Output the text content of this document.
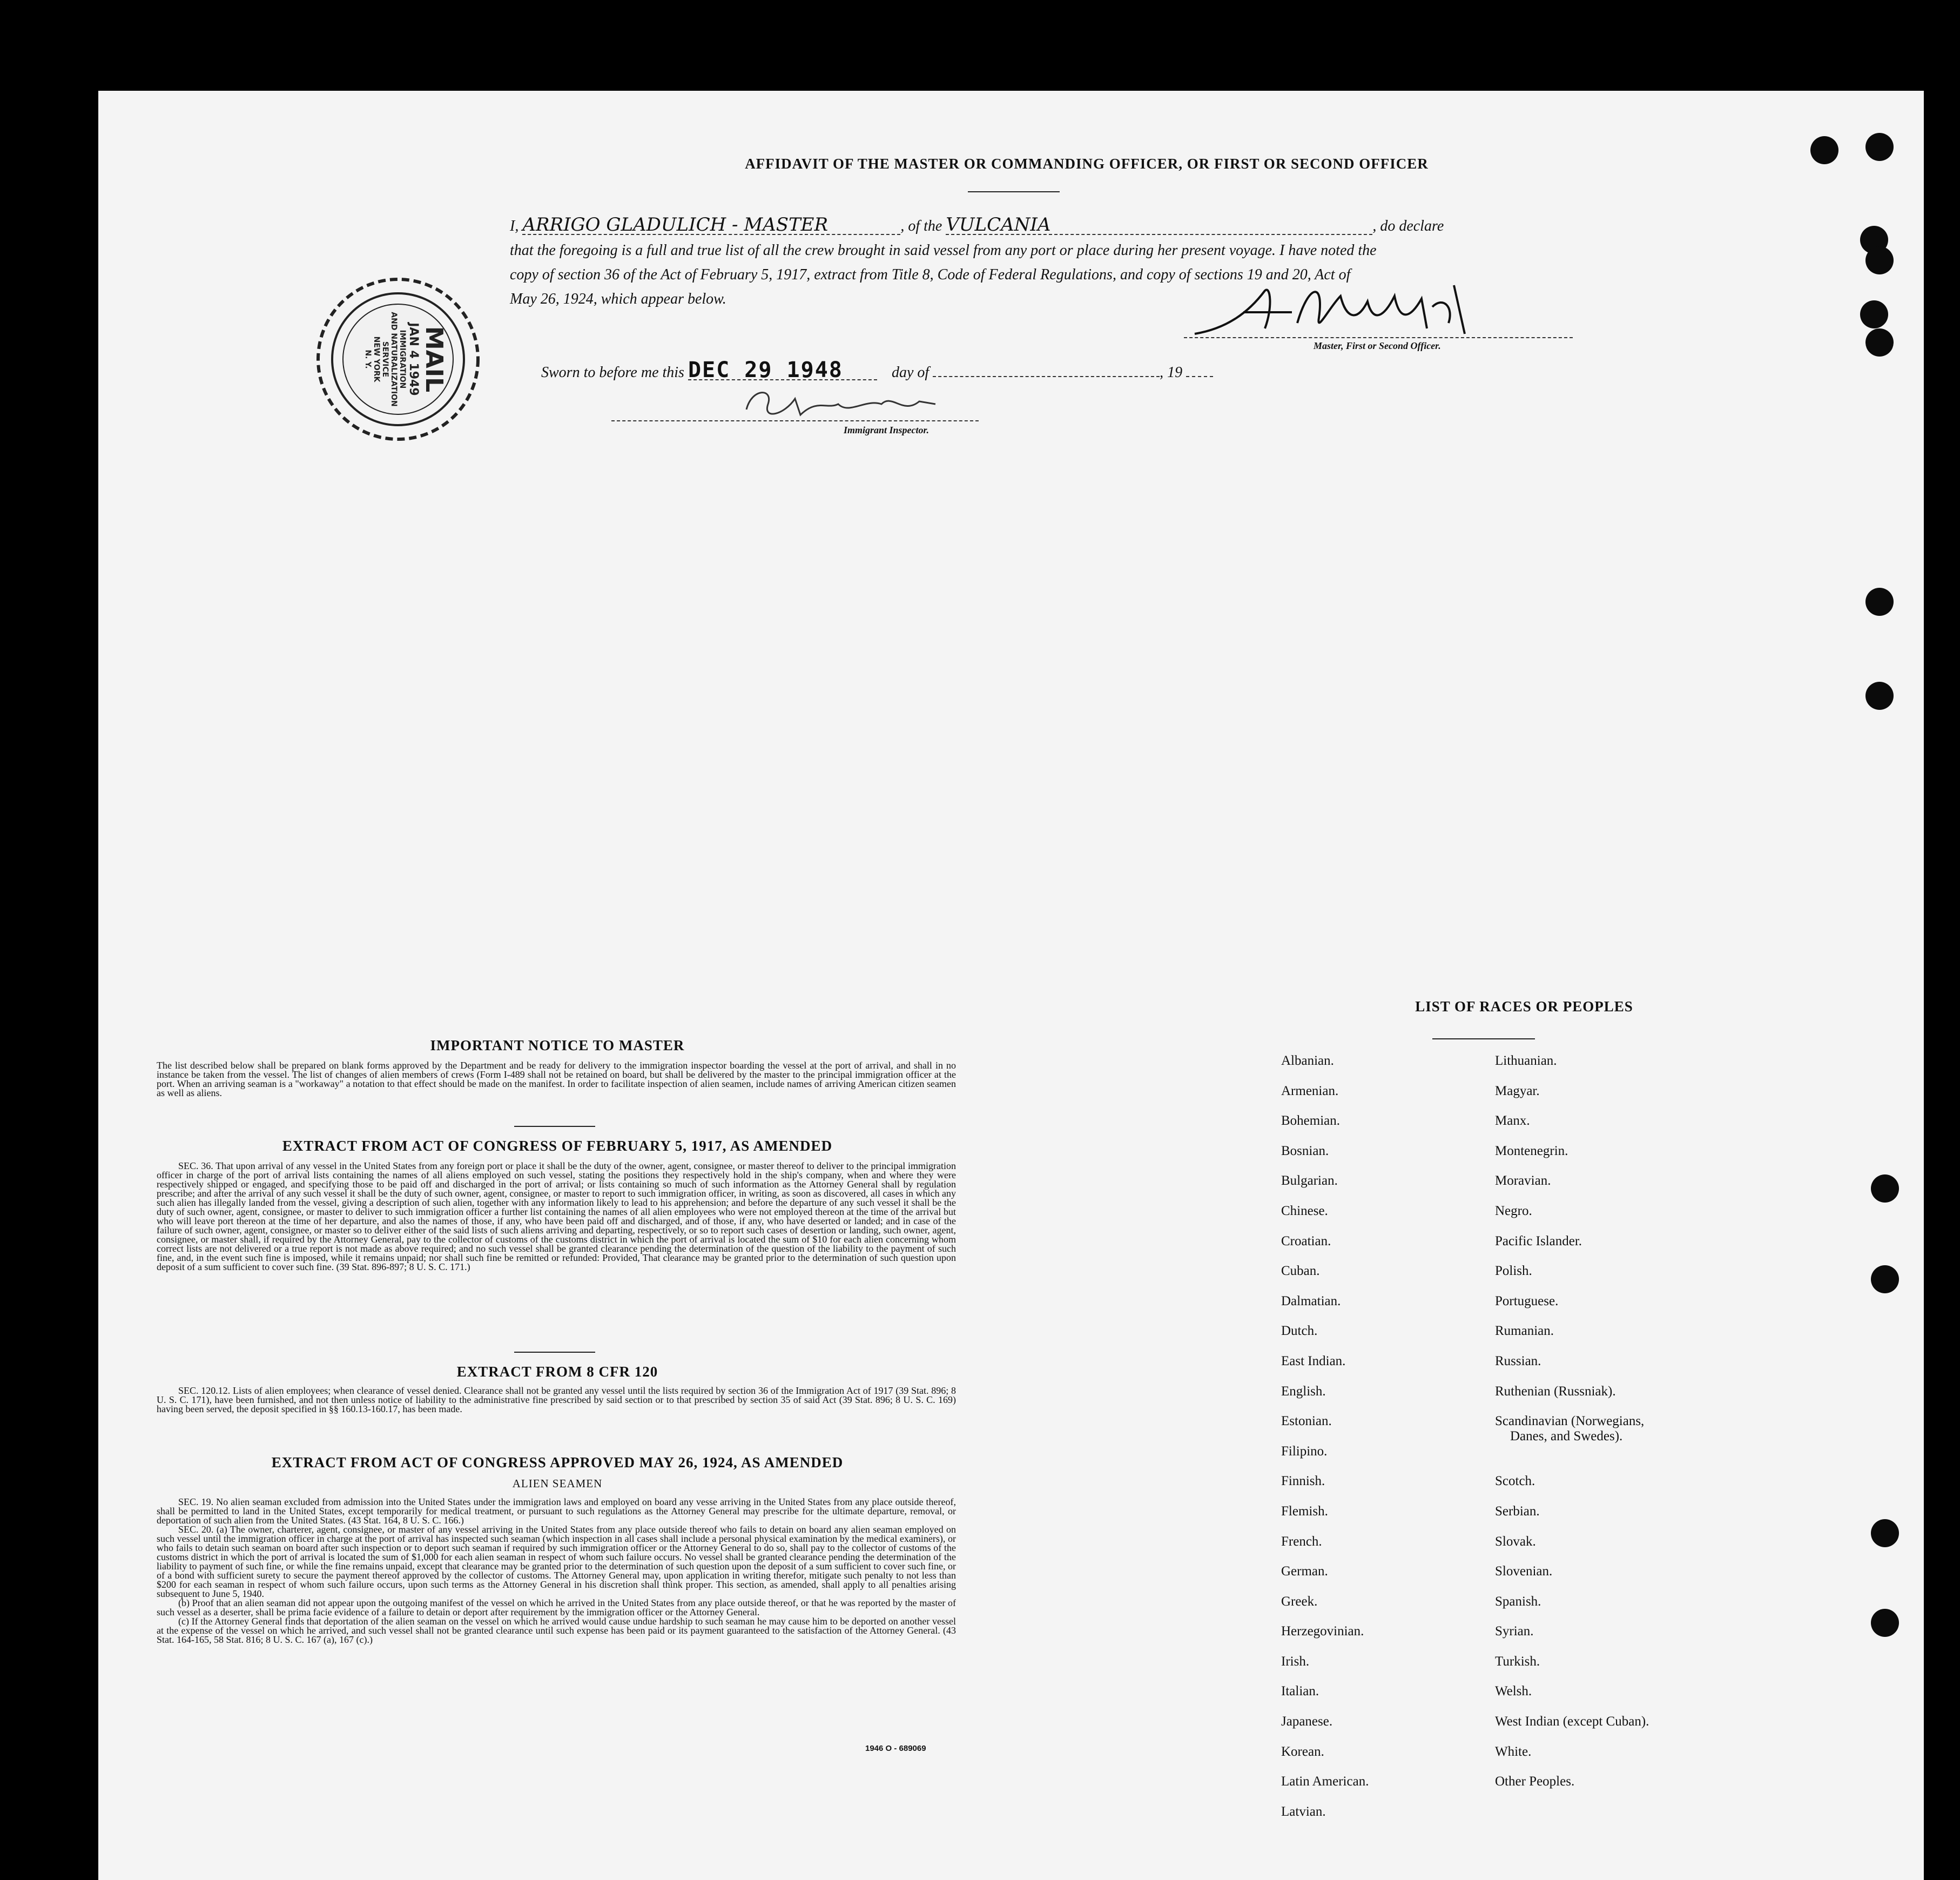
AFFIDAVIT OF THE MASTER OR COMMANDING OFFICER, OR FIRST OR SECOND OFFICER
I, ARRIGO GLADULICH - MASTER	, of the VULCANIA	, do declare
that the foregoing is a full and true list of all the crew brought in said vessel from any port or place during her present voyage. I have noted the
copy of section 36 of the Act of February 5, 1917, extract from Title 8, Code of Federal Regulations, and copy of sections 19 and 20, Act of
May 26, 1924, which appear below.
Master, First or Second Officer.
Sworn to before me this DEC 29 1948	day of	, 19
Immigrant Inspector.
MAIL
JAN 4 1949
IMMIGRATION
AND NATURALIZATION
SERVICE
NEW YORK
N. Y.
IMPORTANT NOTICE TO MASTER
The list described below shall be prepared on blank forms approved by the Department and be ready for delivery to the immigration inspector boarding the vessel at the port of arrival, and shall in no instance be taken from the vessel. The list of changes of alien members of crews (Form I-489 shall not be retained on board, but shall be delivered by the master to the principal immigration officer at the port. When an arriving seaman is a "workaway" a notation to that effect should be made on the manifest. In order to facilitate inspection of alien seamen, include names of arriving American citizen seamen as well as aliens.
EXTRACT FROM ACT OF CONGRESS OF FEBRUARY 5, 1917, AS AMENDED
SEC. 36. That upon arrival of any vessel in the United States from any foreign port or place it shall be the duty of the owner, agent, consignee, or master thereof to deliver to the principal immigration officer in charge of the port of arrival lists containing the names of all aliens employed on such vessel, stating the positions they respectively hold in the ship's company, when and where they were respectively shipped or engaged, and specifying those to be paid off and discharged in the port of arrival; or lists containing so much of such information as the Attorney General shall by regulation prescribe; and after the arrival of any such vessel it shall be the duty of such owner, agent, consignee, or master to report to such immigration officer, in writing, as soon as discovered, all cases in which any such alien has illegally landed from the vessel, giving a description of such alien, together with any information likely to lead to his apprehension; and before the departure of any such vessel it shall be the duty of such owner, agent, consignee, or master to deliver to such immigration officer a further list containing the names of all alien employees who were not employed thereon at the time of the arrival but who will leave port thereon at the time of her departure, and also the names of those, if any, who have been paid off and discharged, and of those, if any, who have deserted or landed; and in case of the failure of such owner, agent, consignee, or master so to deliver either of the said lists of such aliens arriving and departing, respectively, or so to report such cases of desertion or landing, such owner, agent, consignee, or master shall, if required by the Attorney General, pay to the collector of customs of the customs district in which the port of arrival is located the sum of $10 for each alien concerning whom correct lists are not delivered or a true report is not made as above required; and no such vessel shall be granted clearance pending the determination of the question of the liability to the payment of such fine, and, in the event such fine is imposed, while it remains unpaid; nor shall such fine be remitted or refunded: Provided, That clearance may be granted prior to the determination of such question upon deposit of a sum sufficient to cover such fine. (39 Stat. 896-897; 8 U. S. C. 171.)
EXTRACT FROM 8 CFR 120
SEC. 120.12. Lists of alien employees; when clearance of vessel denied. Clearance shall not be granted any vessel until the lists required by section 36 of the Immigration Act of 1917 (39 Stat. 896; 8 U. S. C. 171), have been furnished, and not then unless notice of liability to the administrative fine prescribed by said section or to that prescribed by section 35 of said Act (39 Stat. 896; 8 U. S. C. 169) having been served, the deposit specified in §§ 160.13-160.17, has been made.
EXTRACT FROM ACT OF CONGRESS APPROVED MAY 26, 1924, AS AMENDED
ALIEN SEAMEN
SEC. 19. No alien seaman excluded from admission into the United States under the immigration laws and employed on board any vesse arriving in the United States from any place outside thereof, shall be permitted to land in the United States, except temporarily for medical treatment, or pursuant to such regulations as the Attorney General may prescribe for the ultimate departure, removal, or deportation of such alien from the United States. (43 Stat. 164, 8 U. S. C. 166.)
SEC. 20. (a) The owner, charterer, agent, consignee, or master of any vessel arriving in the United States from any place outside thereof who fails to detain on board any alien seaman employed on such vessel until the immigration officer in charge at the port of arrival has inspected such seaman (which inspection in all cases shall include a personal physical examination by the medical examiners), or who fails to detain such seaman on board after such inspection or to deport such seaman if required by such immigration officer or the Attorney General to do so, shall pay to the collector of customs of the customs district in which the port of arrival is located the sum of $1,000 for each alien seaman in respect of whom such failure occurs. No vessel shall be granted clearance pending the determination of the liability to payment of such fine, or while the fine remains unpaid, except that clearance may be granted prior to the determination of such question upon the deposit of a sum sufficient to cover such fine, or of a bond with sufficient surety to secure the payment thereof approved by the collector of customs. The Attorney General may, upon application in writing therefor, mitigate such penalty to not less than $200 for each seaman in respect of whom such failure occurs, upon such terms as the Attorney General in his discretion shall think proper. This section, as amended, shall apply to all penalties arising subsequent to June 5, 1940.
(b) Proof that an alien seaman did not appear upon the outgoing manifest of the vessel on which he arrived in the United States from any place outside thereof, or that he was reported by the master of such vessel as a deserter, shall be prima facie evidence of a failure to detain or deport after requirement by the immigration officer or the Attorney General.
(c) If the Attorney General finds that deportation of the alien seaman on the vessel on which he arrived would cause undue hardship to such seaman he may cause him to be deported on another vessel at the expense of the vessel on which he arrived, and such vessel shall not be granted clearance until such expense has been paid or its payment guaranteed to the satisfaction of the Attorney General. (43 Stat. 164-165, 58 Stat. 816; 8 U. S. C. 167 (a), 167 (c).)
1946 O - 689069
LIST OF RACES OR PEOPLES
Albanian.
Armenian.
Bohemian.
Bosnian.
Bulgarian.
Chinese.
Croatian.
Cuban.
Dalmatian.
Dutch.
East Indian.
English.
Estonian.
Filipino.
Finnish.
Flemish.
French.
German.
Greek.
Herzegovinian.
Irish.
Italian.
Japanese.
Korean.
Latin American.
Latvian.
Lithuanian.
Magyar.
Manx.
Montenegrin.
Moravian.
Negro.
Pacific Islander.
Polish.
Portuguese.
Rumanian.
Russian.
Ruthenian (Russniak).
Scandinavian (Norwegians,
Danes, and Swedes).
Scotch.
Serbian.
Slovak.
Slovenian.
Spanish.
Syrian.
Turkish.
Welsh.
West Indian (except Cuban).
White.
Other Peoples.
